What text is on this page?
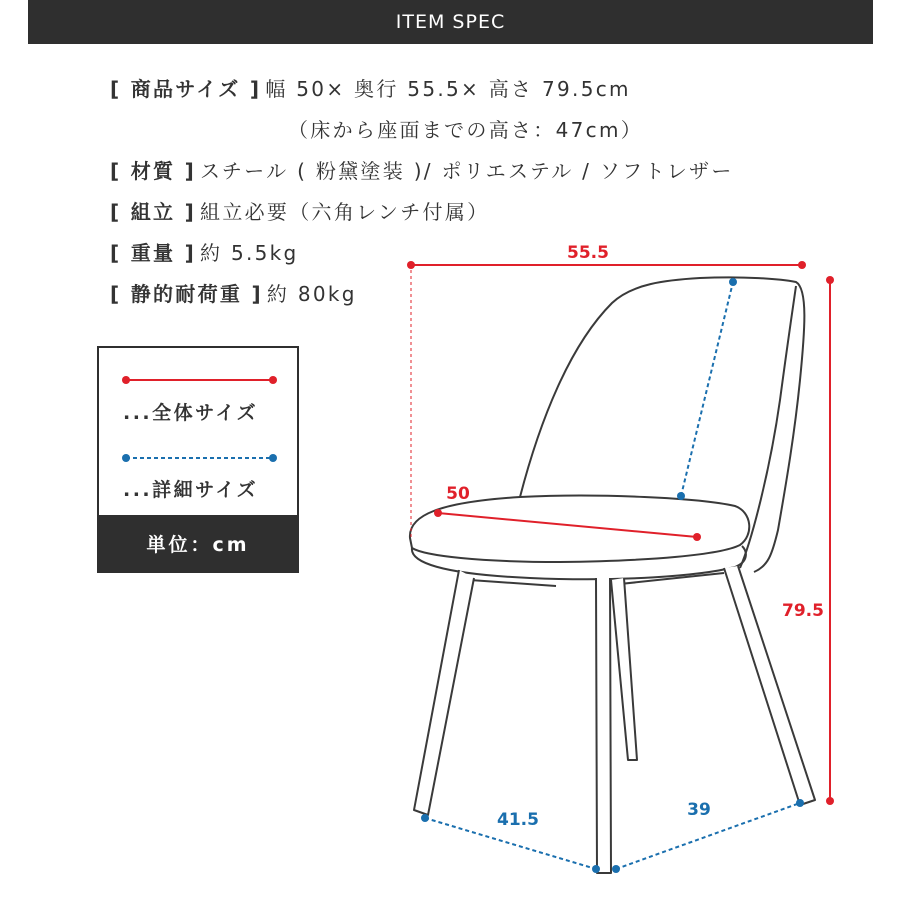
ITEM SPEC
[ 商品サイズ ] 幅 50× 奥行 55.5× 高さ 79.5cm
（床から座面までの高さ：47cm）
[ 材質 ] スチール ( 粉黛塗装 )/ ポリエステル / ソフトレザー
[ 組立 ] 組立必要（六角レンチ付属）
[ 重量 ] 約 5.5kg
[ 静的耐荷重 ] 約 80kg
...全体サイズ
...詳細サイズ
単位：cm
55.5
79.5
50
41.5	39
